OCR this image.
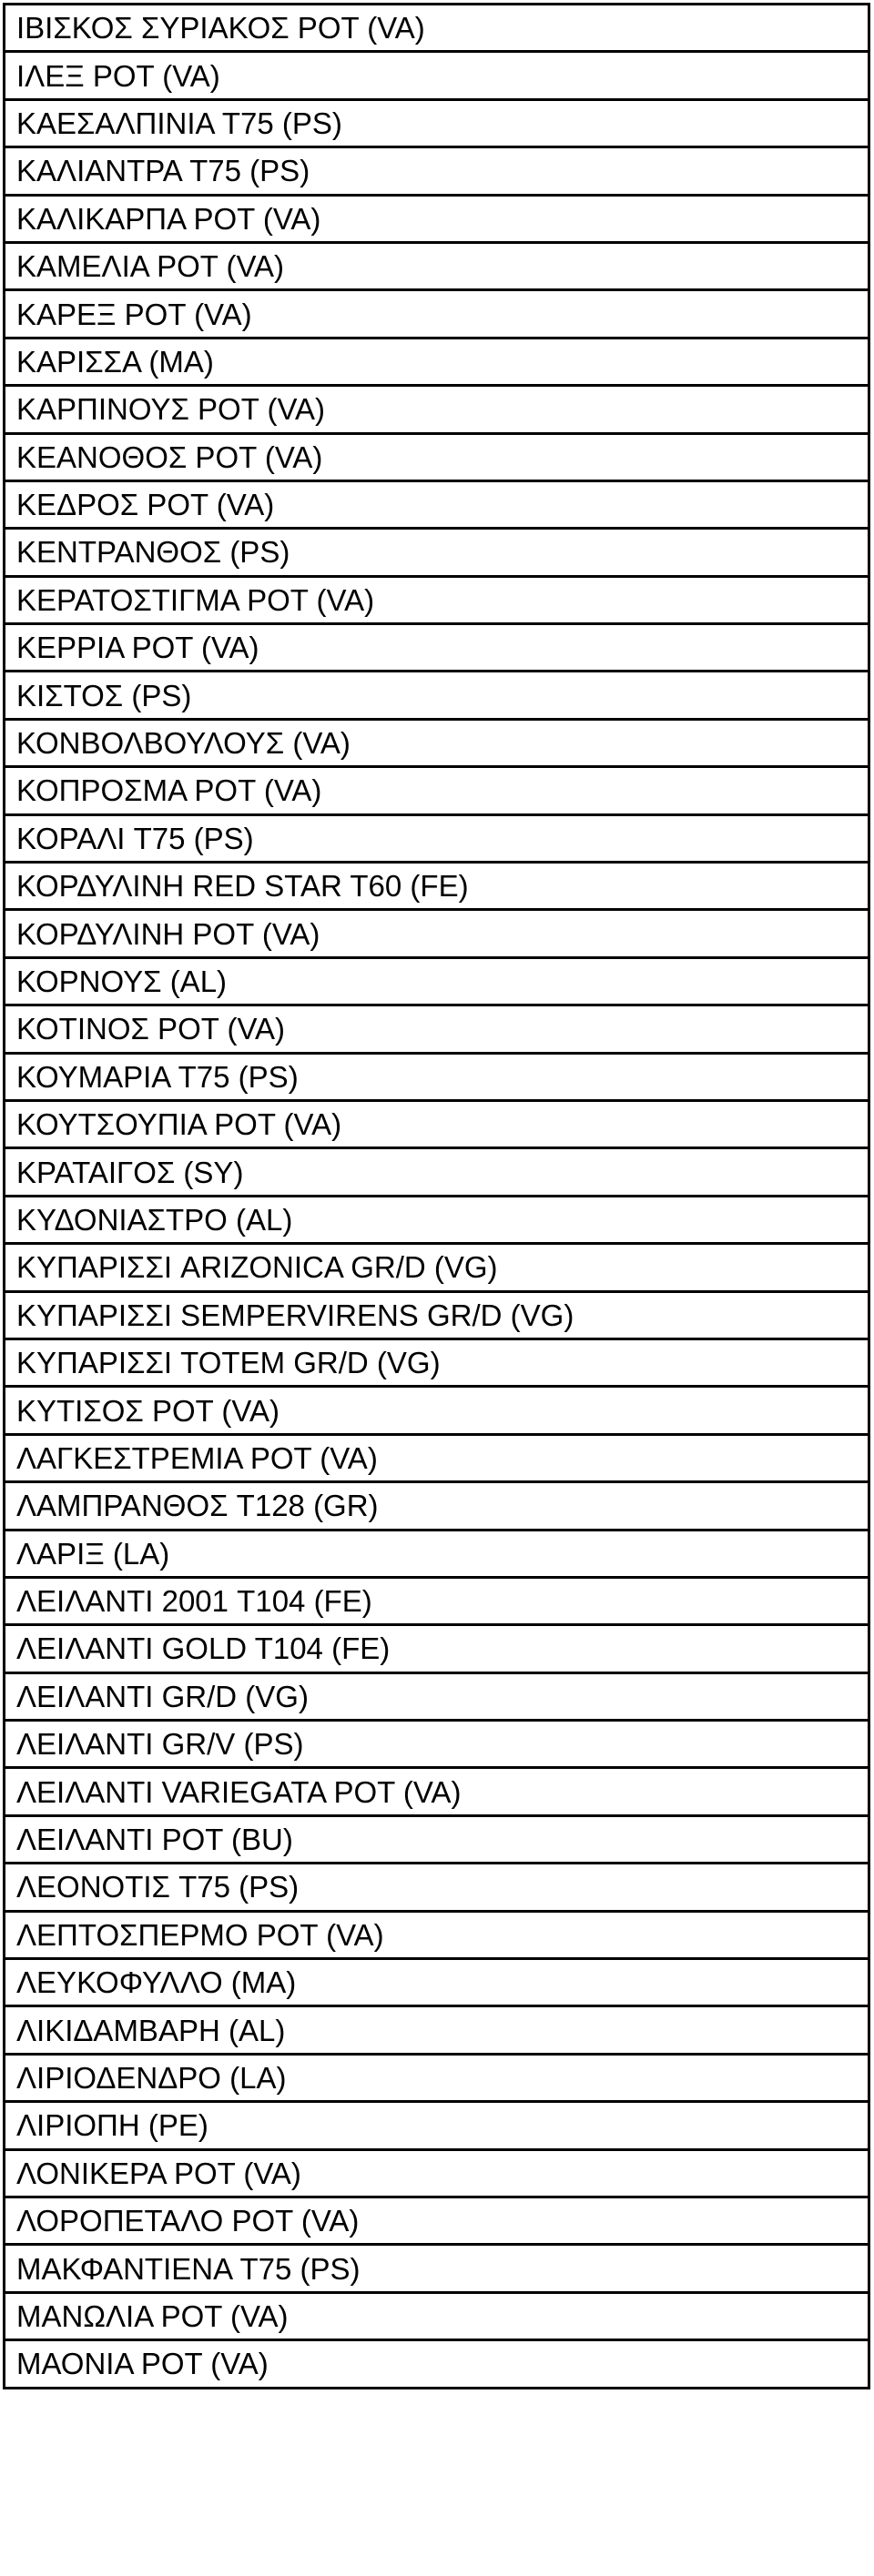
ΙΒΙΣΚΟΣ ΣΥΡΙΑΚΟΣ POT (VA)
ΙΛΕΞ POT (VA)
ΚΑΕΣΑΛΠΙΝΙΑ T75 (PS)
ΚΑΛΙΑΝΤΡΑ T75 (PS)
ΚΑΛΙΚΑΡΠΑ POT (VA)
ΚΑΜΕΛΙΑ POT (VA)
ΚΑΡΕΞ POT (VA)
ΚΑΡΙΣΣΑ (MA)
ΚΑΡΠΙΝΟΥΣ POT (VA)
ΚΕΑΝΟΘΟΣ POT (VA)
ΚΕΔΡΟΣ POT (VA)
ΚΕΝΤΡΑΝΘΟΣ (PS)
ΚΕΡΑΤΟΣΤΙΓΜΑ POT (VA)
ΚΕΡΡΙΑ POT (VA)
ΚΙΣΤΟΣ (PS)
ΚΟΝΒΟΛΒΟΥΛΟΥΣ (VA)
ΚΟΠΡΟΣΜΑ POT (VA)
ΚΟΡΑΛΙ T75 (PS)
ΚΟΡΔΥΛΙΝΗ RED STAR T60 (FE)
ΚΟΡΔΥΛΙΝΗ POT (VA)
ΚΟΡΝΟΥΣ (AL)
ΚΟΤΙΝΟΣ POT (VA)
ΚΟΥΜΑΡΙΑ T75 (PS)
ΚΟΥΤΣΟΥΠΙΑ POT (VA)
ΚΡΑΤΑΙΓΟΣ (SY)
ΚΥΔΟΝΙΑΣΤΡΟ (AL)
ΚΥΠΑΡΙΣΣΙ ARIZONICA GR/D (VG)
ΚΥΠΑΡΙΣΣΙ SEMPERVIRENS GR/D (VG)
ΚΥΠΑΡΙΣΣΙ TOTEM GR/D (VG)
ΚΥΤΙΣΟΣ POT (VA)
ΛΑΓΚΕΣΤΡΕΜΙΑ POT (VA)
ΛΑΜΠΡΑΝΘΟΣ T128 (GR)
ΛΑΡΙΞ (LA)
ΛΕΙΛΑΝΤΙ 2001 T104 (FE)
ΛΕΙΛΑΝΤΙ GOLD T104 (FE)
ΛΕΙΛΑΝΤΙ GR/D (VG)
ΛΕΙΛΑΝΤΙ GR/V (PS)
ΛΕΙΛΑΝΤΙ VARIEGATA POT (VA)
ΛΕΙΛΑΝΤΙ POT (BU)
ΛΕΟΝΟΤΙΣ T75 (PS)
ΛΕΠΤΟΣΠΕΡΜΟ POT (VA)
ΛΕΥΚΟΦΥΛΛΟ (MA)
ΛΙΚΙΔΑΜΒΑΡΗ (AL)
ΛΙΡΙΟΔΕΝΔΡΟ (LA)
ΛΙΡΙΟΠΗ (PE)
ΛΟΝΙΚΕΡΑ POT (VA)
ΛΟΡΟΠΕΤΑΛΟ POT (VA)
ΜΑΚΦΑΝΤΙΕΝΑ T75 (PS)
ΜΑΝΩΛΙΑ POT (VA)
ΜΑΟΝΙΑ POT (VA)
